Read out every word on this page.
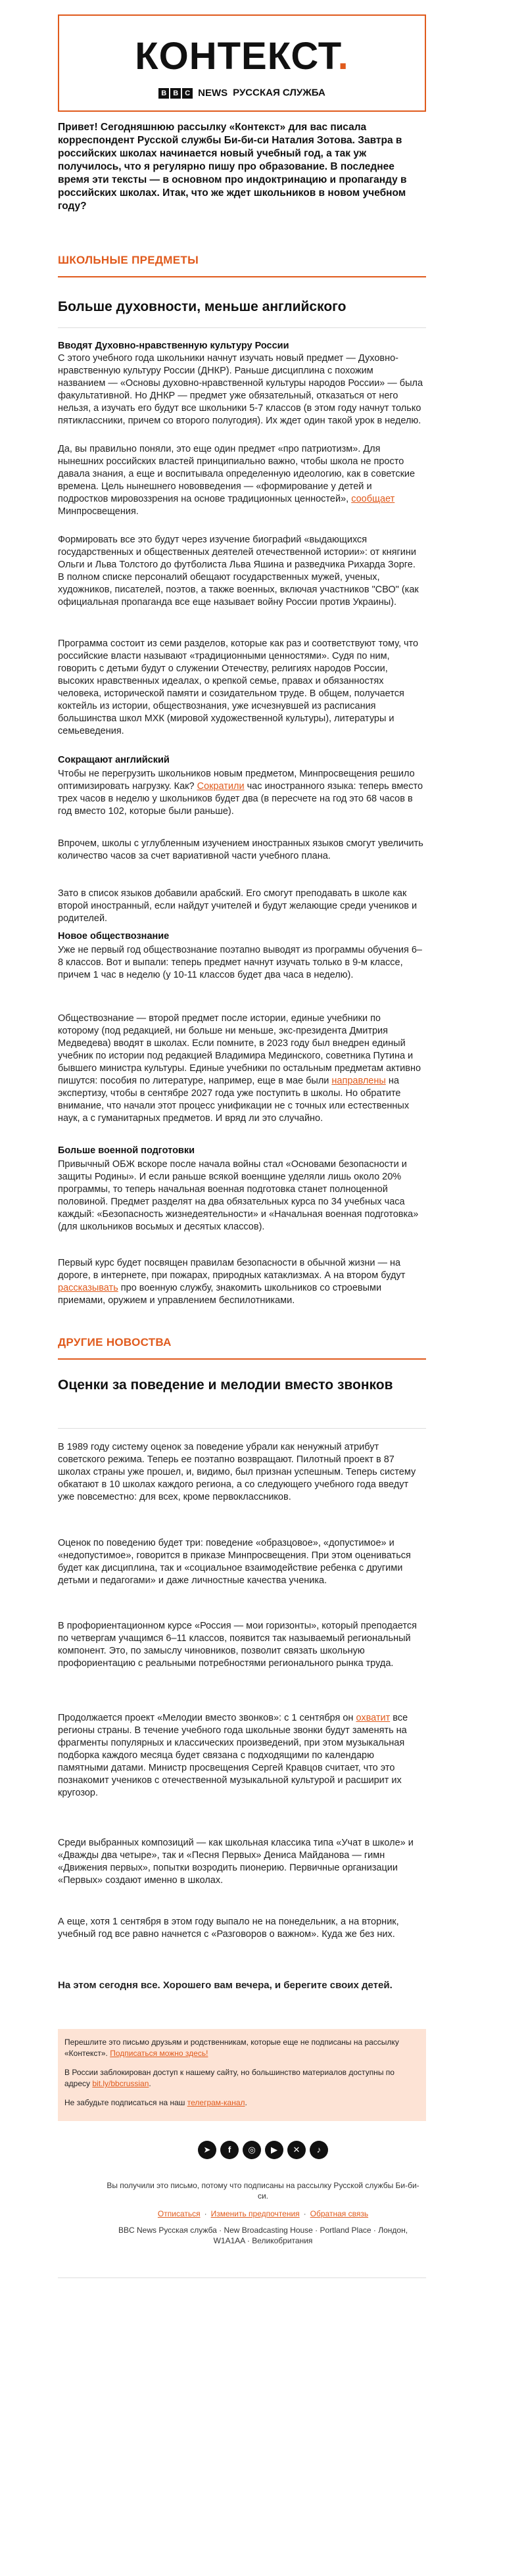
КОНТЕКСТ.
B B C NEWS РУССКАЯ СЛУЖБА
Привет! Сегодняшнюю рассылку «Контекст» для вас писала корреспондент Русской службы Би-би-си Наталия Зотова. Завтра в российских школах начинается новый учебный год, а так уж получилось, что я регулярно пишу про образование. В последнее время эти тексты — в основном про индоктринацию и пропаганду в российских школах. Итак, что же ждет школьников в новом учебном году?
ШКОЛЬНЫЕ ПРЕДМЕТЫ
Больше духовности, меньше английского
Вводят Духовно-нравственную культуру России
С этого учебного года школьники начнут изучать новый предмет — Духовно-нравственную культуру России (ДНКР). Раньше дисциплина с похожим названием — «Основы духовно-нравственной культуры народов России» — была факультативной. Но ДНКР — предмет уже обязательный, отказаться от него нельзя, а изучать его будут все школьники 5-7 классов (в этом году начнут только пятиклассники, причем со второго полугодия). Их ждет один такой урок в неделю.
Да, вы правильно поняли, это еще один предмет «про патриотизм». Для нынешних российских властей принципиально важно, чтобы школа не просто давала знания, а еще и воспитывала определенную идеологию, как в советские времена. Цель нынешнего нововведения — «формирование у детей и подростков мировоззрения на основе традиционных ценностей», сообщает Минпросвещения.
Формировать все это будут через изучение биографий «выдающихся государственных и общественных деятелей отечественной истории»: от княгини Ольги и Льва Толстого до футболиста Льва Яшина и разведчика Рихарда Зорге. В полном списке персоналий обещают государственных мужей, ученых, художников, писателей, поэтов, а также военных, включая участников "СВО" (как официальная пропаганда все еще называет войну России против Украины).
Программа состоит из семи разделов, которые как раз и соответствуют тому, что российские власти называют «традиционными ценностями». Судя по ним, говорить с детьми будут о служении Отечеству, религиях народов России, высоких нравственных идеалах, о крепкой семье, правах и обязанностях человека, исторической памяти и созидательном труде. В общем, получается коктейль из истории, обществознания, уже исчезнувшей из расписания большинства школ МХК (мировой художественной культуры), литературы и семьеведения.
Сокращают английский
Чтобы не перегрузить школьников новым предметом, Минпросвещения решило оптимизировать нагрузку. Как? Сократили час иностранного языка: теперь вместо трех часов в неделю у школьников будет два (в пересчете на год это 68 часов в год вместо 102, которые были раньше).
Впрочем, школы с углубленным изучением иностранных языков смогут увеличить количество часов за счет вариативной части учебного плана.
Зато в список языков добавили арабский. Его смогут преподавать в школе как второй иностранный, если найдут учителей и будут желающие среди учеников и родителей.
Новое обществознание
Уже не первый год обществознание поэтапно выводят из программы обучения 6–8 классов. Вот и выпали: теперь предмет начнут изучать только в 9-м классе, причем 1 час в неделю (у 10-11 классов будет два часа в неделю).
Обществознание — второй предмет после истории, единые учебники по которому (под редакцией, ни больше ни меньше, экс-президента Дмитрия Медведева) вводят в школах. Если помните, в 2023 году был внедрен единый учебник по истории под редакцией Владимира Мединского, советника Путина и бывшего министра культуры. Единые учебники по остальным предметам активно пишутся: пособия по литературе, например, еще в мае были направлены на экспертизу, чтобы в сентябре 2027 года уже поступить в школы. Но обратите внимание, что начали этот процесс унификации не с точных или естественных наук, а с гуманитарных предметов. И вряд ли это случайно.
Больше военной подготовки
Привычный ОБЖ вскоре после начала войны стал «Основами безопасности и защиты Родины». И если раньше всякой военщине уделяли лишь около 20% программы, то теперь начальная военная подготовка станет полноценной половиной. Предмет разделят на два обязательных курса по 34 учебных часа каждый: «Безопасность жизнедеятельности» и «Начальная военная подготовка» (для школьников восьмых и десятых классов).
Первый курс будет посвящен правилам безопасности в обычной жизни — на дороге, в интернете, при пожарах, природных катаклизмах. А на втором будут рассказывать про военную службу, знакомить школьников со строевыми приемами, оружием и управлением беспилотниками.
ДРУГИЕ НОВОСТВА
Оценки за поведение и мелодии вместо звонков
В 1989 году систему оценок за поведение убрали как ненужный атрибут советского режима. Теперь ее поэтапно возвращают. Пилотный проект в 87 школах страны уже прошел, и, видимо, был признан успешным. Теперь систему обкатают в 10 школах каждого региона, а со следующего учебного года введут уже повсеместно: для всех, кроме первоклассников.
Оценок по поведению будет три: поведение «образцовое», «допустимое» и «недопустимое», говорится в приказе Минпросвещения. При этом оцениваться будет как дисциплина, так и «социальное взаимодействие ребенка с другими детьми и педагогами» и даже личностные качества ученика.
В профориентационном курсе «Россия — мои горизонты», который преподается по четвергам учащимся 6–11 классов, появится так называемый региональный компонент. Это, по замыслу чиновников, позволит связать школьную профориентацию с реальными потребностями регионального рынка труда.
Продолжается проект «Мелодии вместо звонков»: с 1 сентября он охватит все регионы страны. В течение учебного года школьные звонки будут заменять на фрагменты популярных и классических произведений, при этом музыкальная подборка каждого месяца будет связана с подходящими по календарю памятными датами. Министр просвещения Сергей Кравцов считает, что это познакомит учеников с отечественной музыкальной культурой и расширит их кругозор.
Среди выбранных композиций — как школьная классика типа «Учат в школе» и «Дважды два четыре», так и «Песня Первых» Дениса Майданова — гимн «Движения первых», попытки возродить пионерию. Первичные организации «Первых» создают именно в школах.
А еще, хотя 1 сентября в этом году выпало не на понедельник, а на вторник, учебный год все равно начнется с «Разговоров о важном». Куда же без них.
На этом сегодня все. Хорошего вам вечера, и берегите своих детей.

Перешлите это письмо друзьям и родственникам, которые еще не подписаны на рассылку «Контекст». Подписаться можно здесь!

В России заблокирован доступ к нашему сайту, но большинство материалов доступны по адресу bit.ly/bbcrussian.

Не забудьте подписаться на наш телеграм-канал.

➤ f ◎ ▶ ✕ ♪
Вы получили это письмо, потому что подписаны на рассылку Русской службы Би-би-си.
Отписаться · Изменить предпочтения · Обратная связь
BBC News Русская служба · New Broadcasting House · Portland Place · Лондон, W1A1AA · Великобритания
